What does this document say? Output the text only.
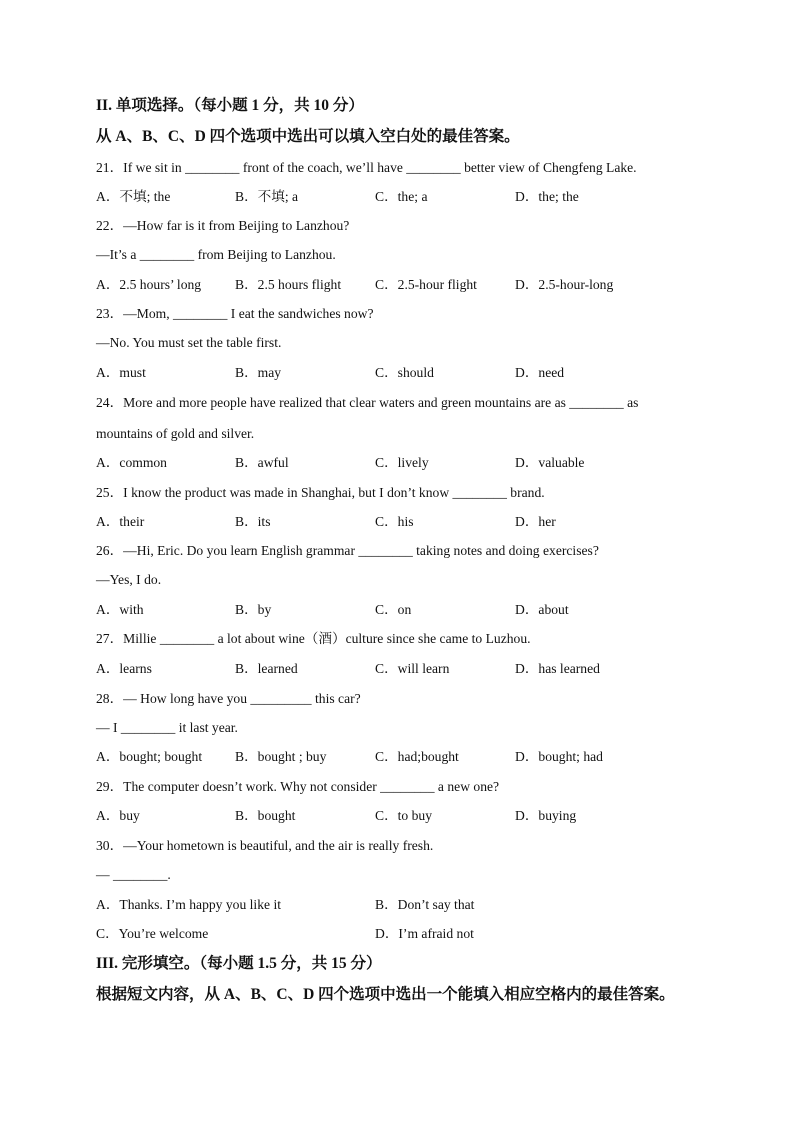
II. 单项选择。（每小题 1 分，共 10 分）
从 A、B、C、D 四个选项中选出可以填入空白处的最佳答案。
21．If we sit in ________ front of the coach, we’ll have ________ better view of Chengfeng Lake.
A．不填; the	B．不填; a	C．the; a	D．the; the
22．—How far is it from Beijing to Lanzhou?
—It’s a ________ from Beijing to Lanzhou.
A．2.5 hours’ long B．2.5 hours flight C．2.5-hour flight	D．2.5-hour-long
23．—Mom, ________ I eat the sandwiches now?
—No. You must set the table first.
A．must	B．may	C．should	D．need
24．More and more people have realized that clear waters and green mountains are as ________ as
mountains of gold and silver.
A．common	B．awful	C．lively	D．valuable
25．I know the product was made in Shanghai, but I don’t know ________ brand.
A．their	B．its	C．his	D．her
26．—Hi, Eric. Do you learn English grammar ________ taking notes and doing exercises?
—Yes, I do.
A．with	B．by	C．on	D．about
27．Millie ________ a lot about wine（酒）culture since she came to Luzhou.
A．learns	B．learned	C．will learn	D．has learned
28．— How long have you _________ this car?
— I ________ it last year.
A．bought; bought B．bought ; buy	C．had;bought	D．bought; had
29．The computer doesn’t work. Why not consider ________ a new one?
A．buy	B．bought	C．to buy	D．buying
30．—Your hometown is beautiful, and the air is really fresh.
— ________.
A．Thanks. I’m happy you like it	B．Don’t say that
C．You’re welcome	D．I’m afraid not
III. 完形填空。（每小题 1.5 分，共 15 分）
根据短文内容，从 A、B、C、D 四个选项中选出一个能填入相应空格内的最佳答案。
